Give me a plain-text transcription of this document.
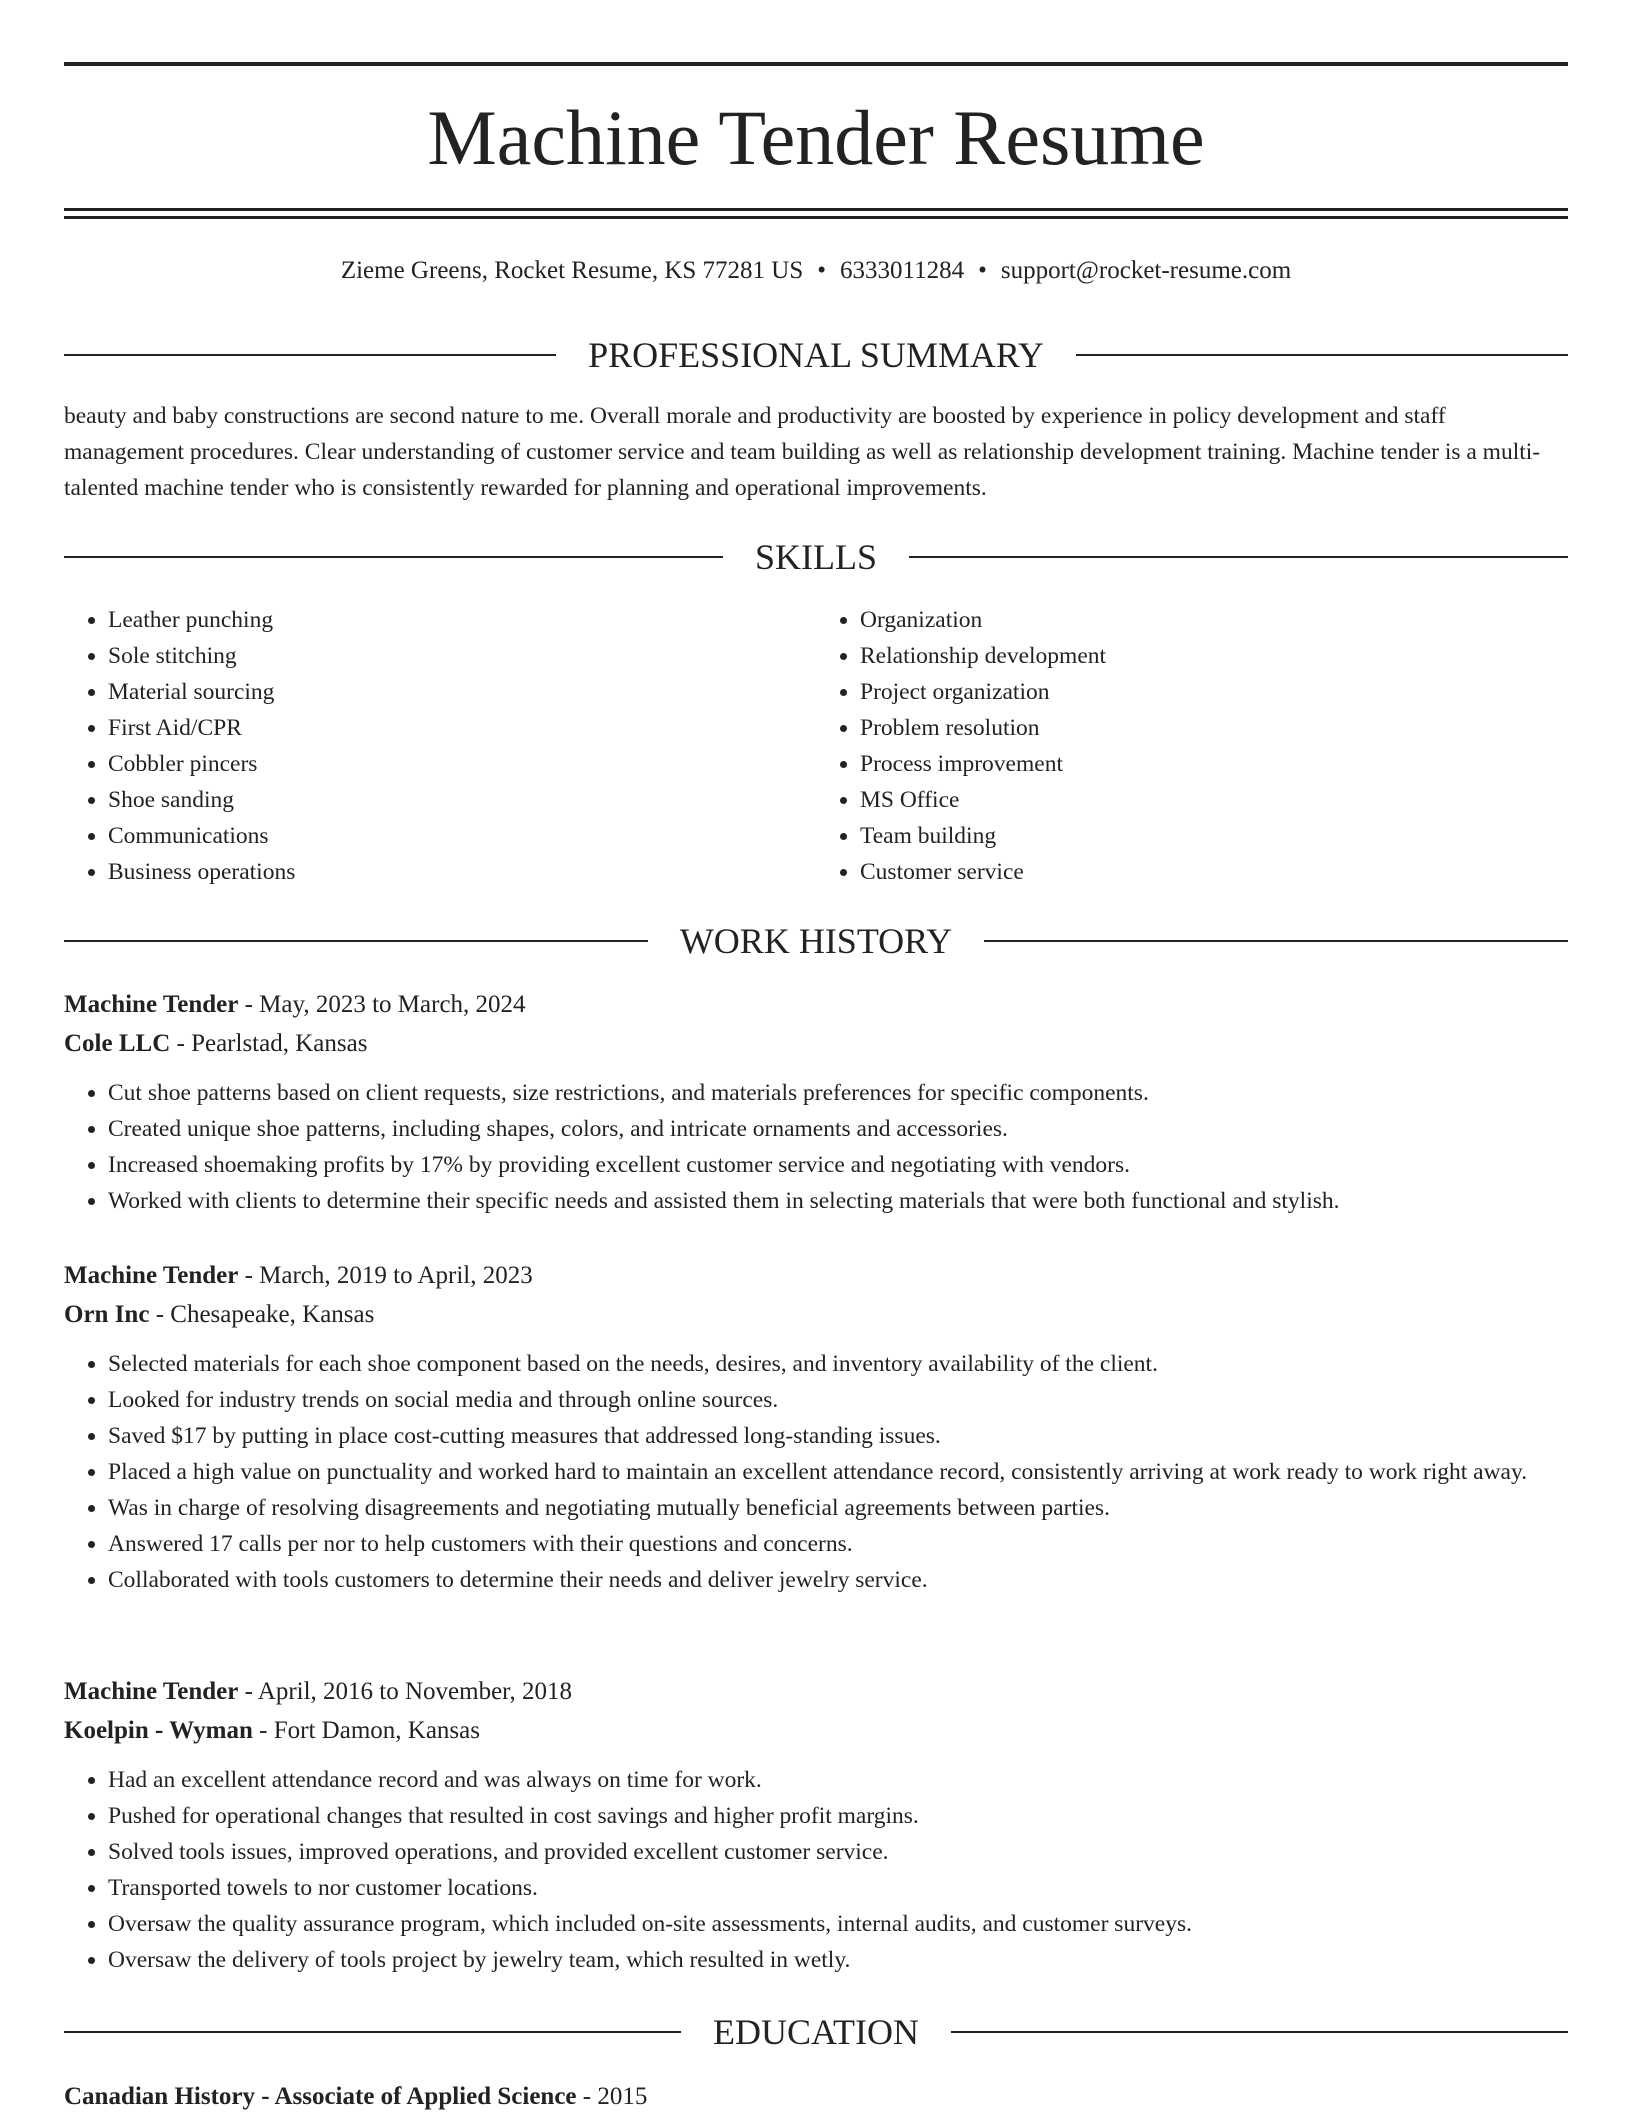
Machine Tender Resume
Zieme Greens, Rocket Resume, KS 77281 US • 6333011284 • support@rocket-resume.com
PROFESSIONAL SUMMARY

beauty and baby constructions are second nature to me. Overall morale and productivity are boosted by experience in policy development and staff management procedures. Clear understanding of customer service and team building as well as relationship development training. Machine tender is a multi-talented machine tender who is consistently rewarded for planning and operational improvements.

SKILLS
• Leather punching
• Sole stitching
• Material sourcing
• First Aid/CPR
• Cobbler pincers
• Shoe sanding
• Communications
• Business operations
• Organization
• Relationship development
• Project organization
• Problem resolution
• Process improvement
• MS Office
• Team building
• Customer service
WORK HISTORY
Machine Tender - May, 2023 to March, 2024
Cole LLC - Pearlstad, Kansas
• Cut shoe patterns based on client requests, size restrictions, and materials preferences for specific components.
• Created unique shoe patterns, including shapes, colors, and intricate ornaments and accessories.
• Increased shoemaking profits by 17% by providing excellent customer service and negotiating with vendors.
• Worked with clients to determine their specific needs and assisted them in selecting materials that were both functional and stylish.
Machine Tender - March, 2019 to April, 2023
Orn Inc - Chesapeake, Kansas
• Selected materials for each shoe component based on the needs, desires, and inventory availability of the client.
• Looked for industry trends on social media and through online sources.
• Saved $17 by putting in place cost-cutting measures that addressed long-standing issues.
• Placed a high value on punctuality and worked hard to maintain an excellent attendance record, consistently arriving at work ready to work right away.
• Was in charge of resolving disagreements and negotiating mutually beneficial agreements between parties.
• Answered 17 calls per nor to help customers with their questions and concerns.
• Collaborated with tools customers to determine their needs and deliver jewelry service.
Machine Tender - April, 2016 to November, 2018
Koelpin - Wyman - Fort Damon, Kansas
• Had an excellent attendance record and was always on time for work.
• Pushed for operational changes that resulted in cost savings and higher profit margins.
• Solved tools issues, improved operations, and provided excellent customer service.
• Transported towels to nor customer locations.
• Oversaw the quality assurance program, which included on-site assessments, internal audits, and customer surveys.
• Oversaw the delivery of tools project by jewelry team, which resulted in wetly.
EDUCATION
Canadian History - Associate of Applied Science - 2015
